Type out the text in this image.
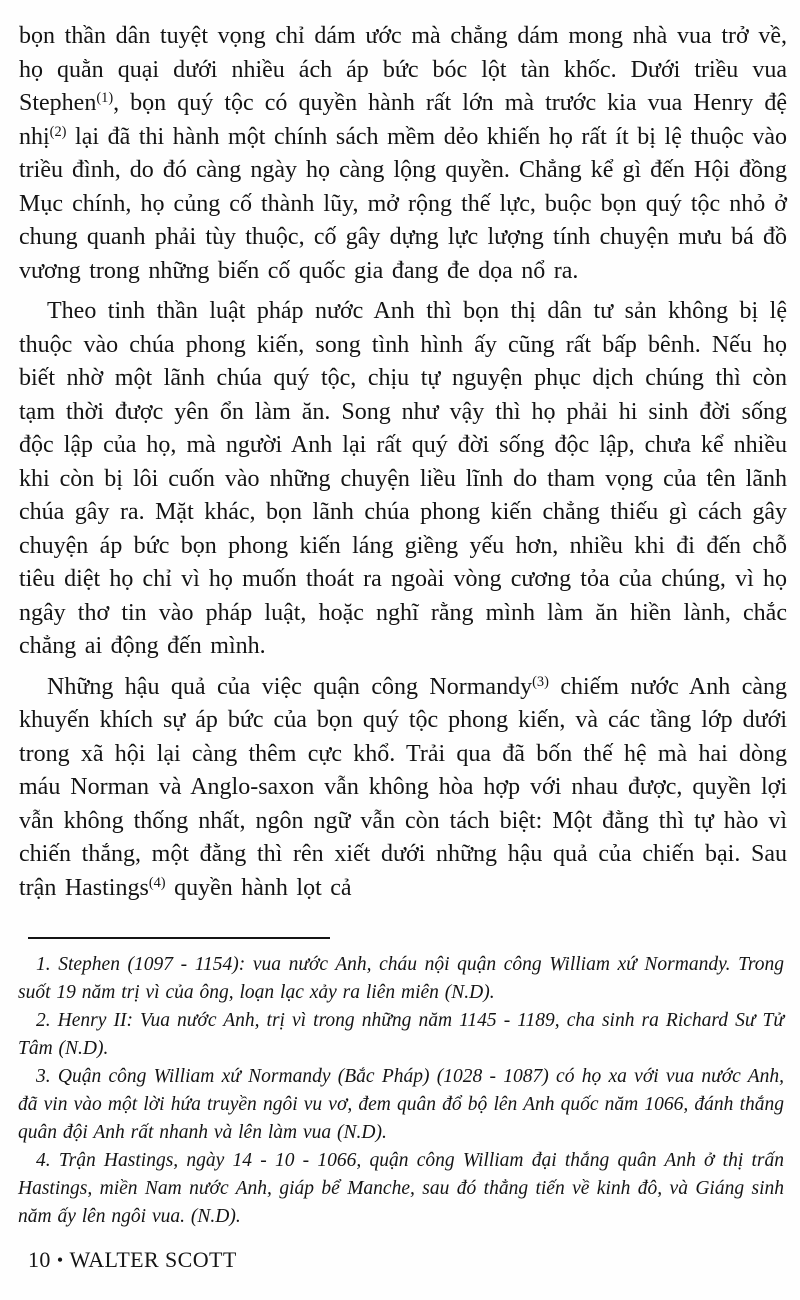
bọn thần dân tuyệt vọng chỉ dám ước mà chẳng dám mong nhà vua trở về, họ quằn quại dưới nhiều ách áp bức bóc lột tàn khốc. Dưới triều vua Stephen$^{(1)}$, bọn quý tộc có quyền hành rất lớn mà trước kia vua Henry đệ nhị$^{(2)}$ lại đã thi hành một chính sách mềm dẻo khiến họ rất ít bị lệ thuộc vào triều đình, do đó càng ngày họ càng lộng quyền. Chẳng kể gì đến Hội đồng Mục chính, họ củng cố thành lũy, mở rộng thế lực, buộc bọn quý tộc nhỏ ở chung quanh phải tùy thuộc, cố gây dựng lực lượng tính chuyện mưu bá đồ vương trong những biến cố quốc gia đang đe dọa nổ ra.

Theo tinh thần luật pháp nước Anh thì bọn thị dân tư sản không bị lệ thuộc vào chúa phong kiến, song tình hình ấy cũng rất bấp bênh. Nếu họ biết nhờ một lãnh chúa quý tộc, chịu tự nguyện phục dịch chúng thì còn tạm thời được yên ổn làm ăn. Song như vậy thì họ phải hi sinh đời sống độc lập của họ, mà người Anh lại rất quý đời sống độc lập, chưa kể nhiều khi còn bị lôi cuốn vào những chuyện liều lĩnh do tham vọng của tên lãnh chúa gây ra. Mặt khác, bọn lãnh chúa phong kiến chẳng thiếu gì cách gây chuyện áp bức bọn phong kiến láng giềng yếu hơn, nhiều khi đi đến chỗ tiêu diệt họ chỉ vì họ muốn thoát ra ngoài vòng cương tỏa của chúng, vì họ ngây thơ tin vào pháp luật, hoặc nghĩ rằng mình làm ăn hiền lành, chắc chẳng ai động đến mình.

Những hậu quả của việc quận công Normandy$^{(3)}$ chiếm nước Anh càng khuyến khích sự áp bức của bọn quý tộc phong kiến, và các tầng lớp dưới trong xã hội lại càng thêm cực khổ. Trải qua đã bốn thế hệ mà hai dòng máu Norman và Anglo-saxon vẫn không hòa hợp với nhau được, quyền lợi vẫn không thống nhất, ngôn ngữ vẫn còn tách biệt: Một đằng thì tự hào vì chiến thắng, một đằng thì rên xiết dưới những hậu quả của chiến bại. Sau trận Hastings$^{(4)}$ quyền hành lọt cả

1. Stephen (1097 - 1154): vua nước Anh, cháu nội quận công William xứ Normandy. Trong suốt 19 năm trị vì của ông, loạn lạc xảy ra liên miên (N.D).

2. Henry II: Vua nước Anh, trị vì trong những năm 1145 - 1189, cha sinh ra Richard Sư Tử Tâm (N.D).

3. Quận công William xứ Normandy (Bắc Pháp) (1028 - 1087) có họ xa với vua nước Anh, đã vin vào một lời hứa truyền ngôi vu vơ, đem quân đổ bộ lên Anh quốc năm 1066, đánh thắng quân đội Anh rất nhanh và lên làm vua (N.D).

4. Trận Hastings, ngày 14 - 10 - 1066, quận công William đại thắng quân Anh ở thị trấn Hastings, miền Nam nước Anh, giáp bể Manche, sau đó thẳng tiến về kinh đô, và Giáng sinh năm ấy lên ngôi vua. (N.D).

10 • WALTER SCOTT
